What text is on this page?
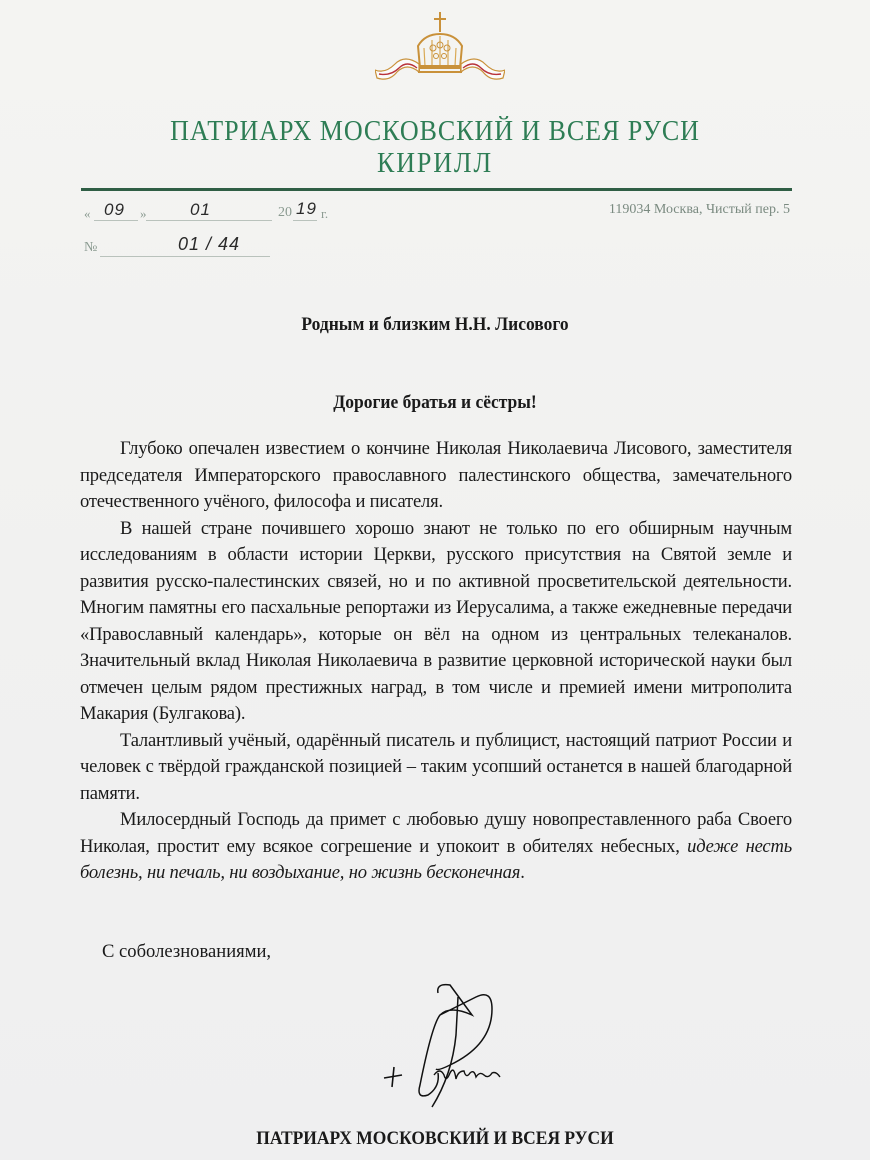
ПАТРИАРХ МОСКОВСКИЙ И ВСЕЯ РУСИ
КИРИЛЛ
« 09 »	01	20 19 г.
№	01 / 44
119034 Москва, Чистый пер. 5
Родным и близким Н.Н. Лисового
Дорогие братья и сёстры!

Глубоко опечален известием о кончине Николая Николаевича Лисового, заместителя председателя Императорского православного палестинского общества, замечательного отечественного учёного, философа и писателя.

В нашей стране почившего хорошо знают не только по его обширным научным исследованиям в области истории Церкви, русского присутствия на Святой земле и развития русско-палестинских связей, но и по активной просветительской деятельности. Многим памятны его пасхальные репортажи из Иерусалима, а также ежедневные передачи «Православный календарь», которые он вёл на одном из центральных телеканалов. Значительный вклад Николая Николаевича в развитие церковной исторической науки был отмечен целым рядом престижных наград, в том числе и премией имени митрополита Макария (Булгакова).

Талантливый учёный, одарённый писатель и публицист, настоящий патриот России и человек с твёрдой гражданской позицией – таким усопший останется в нашей благодарной памяти.

Милосердный Господь да примет с любовью душу новопреставленного раба Своего Николая, простит ему всякое согрешение и упокоит в обителях небесных, идеже несть болезнь, ни печаль, ни воздыхание, но жизнь бесконечная.

С соболезнованиями,
ПАТРИАРХ МОСКОВСКИЙ И ВСЕЯ РУСИ
